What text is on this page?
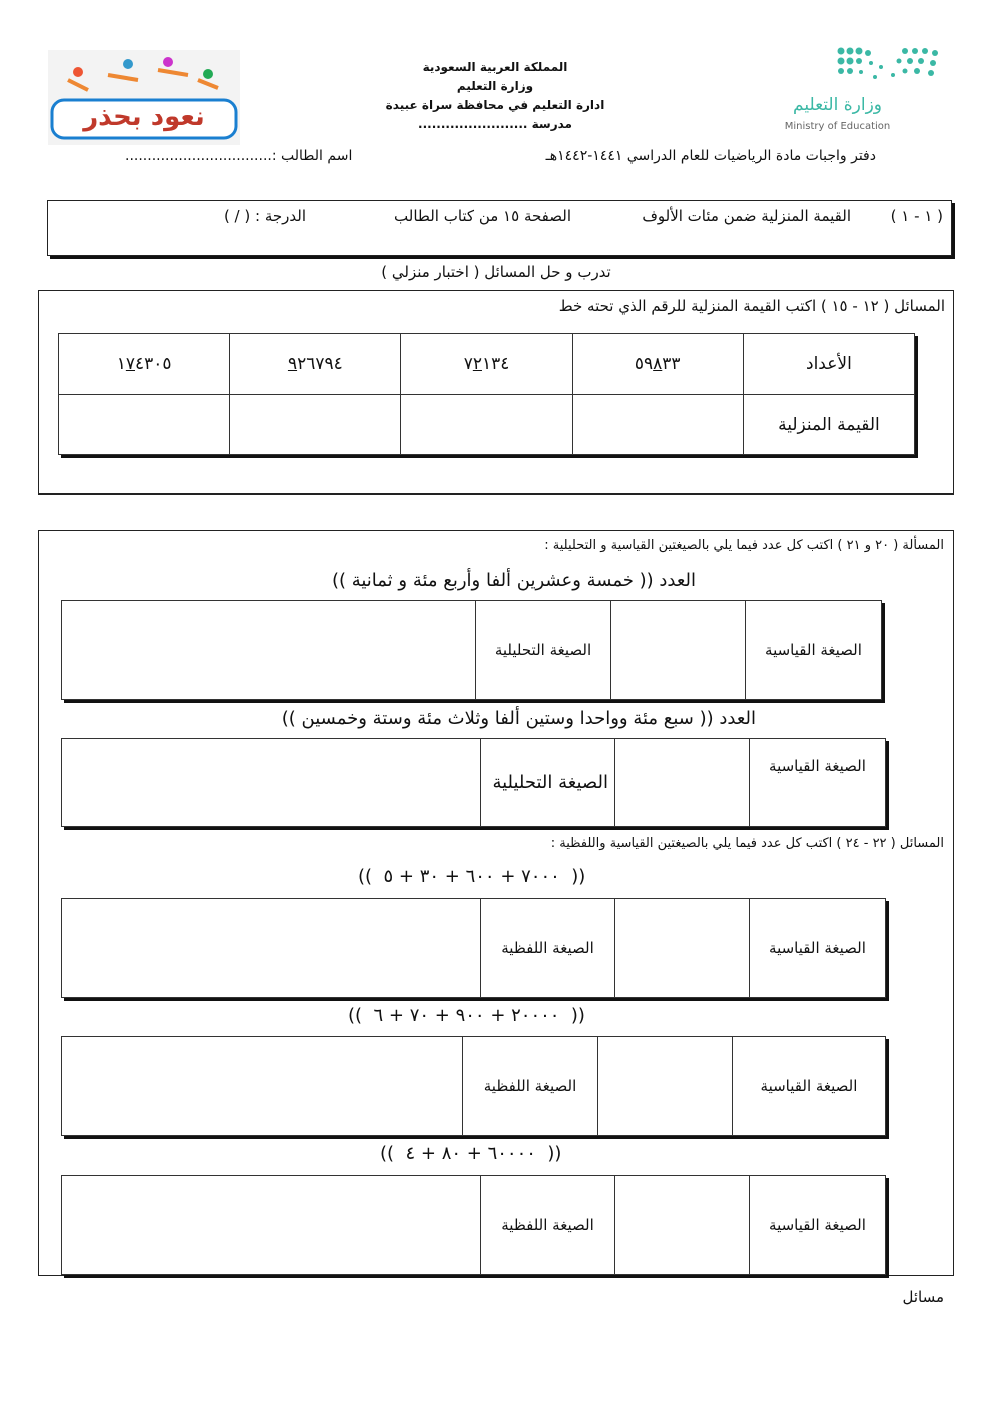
نعود بحذر
المملكة العربية السعودية
وزارة التعليم
ادارة التعليم في محافظة سراة عبيدة
مدرسة ........................
وزارة التعليم
Ministry of Education
دفتر واجبات مادة الرياضيات للعام الدراسي ١٤٤١-١٤٤٢هـ
اسم الطالب :.................................
( ١ - ١ )
القيمة المنزلية ضمن مئات الألوف
الصفحة ١٥ من كتاب الطالب
الدرجة : ( / )
تدرب و حل المسائل ( اختبار منزلي )
المسائل ( ١٢ - ١٥ ) اكتب القيمة المنزلية للرقم الذي تحته خط
الأعداد	٥٩٨٣٣	٧٢١٣٤	٩٢٦٧٩٤	١٧٤٣٠٥
القيمة المنزلية				
المسألة ( ٢٠ و ٢١ ) اكتب كل عدد فيما يلي بالصيغتين القياسية و التحليلية :
العدد (( خمسة وعشرين ألفا وأربع مئة و ثمانية ))
الصيغة القياسية		الصيغة التحليلية	
العدد (( سبع مئة وواحدا وستين ألفا وثلاث مئة وستة وخمسين ))
الصيغة القياسية		الصيغة التحليلية	
المسائل ( ٢٢ - ٢٤ ) اكتب كل عدد فيما يلي بالصيغتين القياسية واللفظية :
((  ٧٠٠٠ + ٦٠٠ + ٣٠ + ٥  ))
الصيغة القياسية		الصيغة اللفظية	
((  ٢٠٠٠٠ + ٩٠٠ + ٧٠ + ٦  ))
الصيغة القياسية		الصيغة اللفظية	
((  ٦٠٠٠٠ + ٨٠ + ٤  ))
الصيغة القياسية		الصيغة اللفظية	
مسائل
